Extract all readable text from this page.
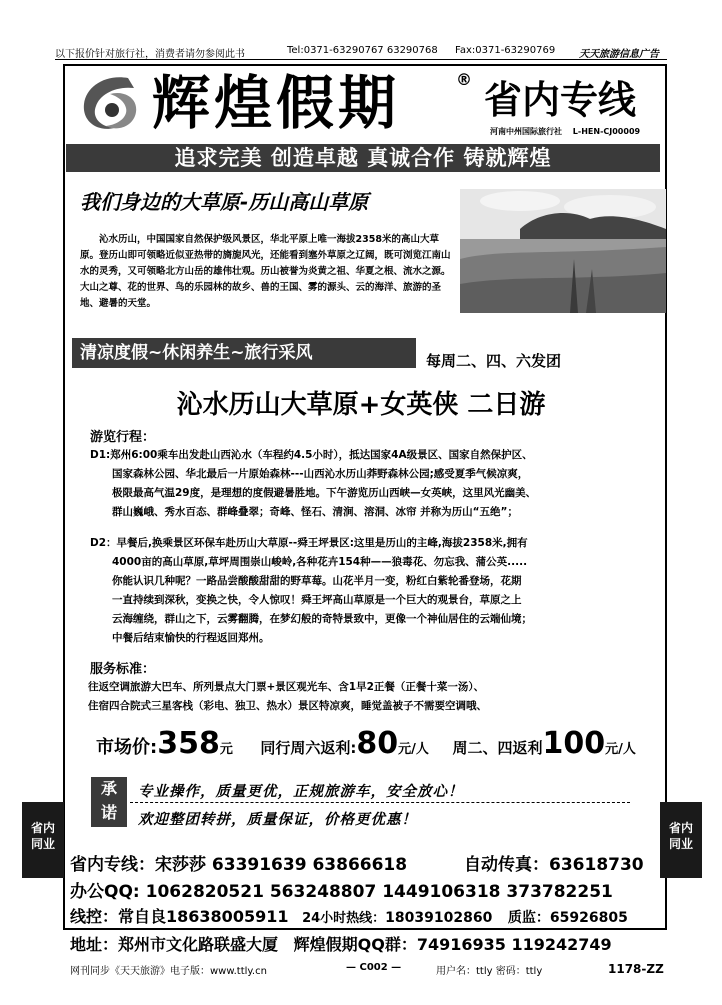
以下报价针对旅行社，消费者请勿参阅此书	Tel:0371-63290767 63290768 Fax:0371-63290769 天天旅游信息广告
辉煌假期	® 省内专线
河南中州国际旅行社 L-HEN-CJ00009
追求完美 创造卓越 真诚合作 铸就辉煌
我们身边的大草原-历山高山草原

沁水历山，中国国家自然保护级风景区，华北平原上唯一海拔2358米的高山大草原。登历山即可领略近似亚热带的旖旎风光，还能看到塞外草原之辽阔，既可浏览江南山水的灵秀，又可领略北方山岳的雄伟壮观。历山被誉为炎黄之祖、华夏之根、流水之源。大山之尊、花的世界、鸟的乐园林的故乡、兽的王国、雾的源头、云的海洋、旅游的圣地、避暑的天堂。

清凉度假~休闲养生~旅行采风	每周二、四、六发团
沁水历山大草原+女英侠 二日游
游览行程：

D1:郑州6:00乘车出发赴山西沁水（车程约4.5小时），抵达国家4A级景区、国家自然保护区、

国家森林公园、华北最后一片原始森林---山西沁水历山莽野森林公园;感受夏季气候凉爽，

极限最高气温29度，是理想的度假避暑胜地。下午游览历山西峡—女英峡，这里风光幽美、

群山巍峨、秀水百态、群峰叠翠；奇峰、怪石、清涧、溶洞、冰帘 并称为历山“五绝”；

D2：早餐后,换乘景区环保车赴历山大草原--舜王坪景区:这里是历山的主峰,海拔2358米,拥有

4000亩的高山草原,草坪周围崇山峻岭,各种花卉154种——狼毒花、勿忘我、蒲公英.....

你能认识几种呢？一路品尝酸酸甜甜的野草莓。山花半月一变，粉红白紫轮番登场，花期

一直持续到深秋，变换之快，令人惊叹！舜王坪高山草原是一个巨大的观景台，草原之上

云海缠绕，群山之下，云雾翻腾，在梦幻般的奇特景致中，更像一个神仙居住的云端仙境；

中餐后结束愉快的行程返回郑州。

服务标准：

往返空调旅游大巴车、所列景点大门票+景区观光车、含1早2正餐（正餐十菜一汤）、

住宿四合院式三星客栈（彩电、独卫、热水）景区特凉爽，睡觉盖被子不需要空调哦、

市场价:358元 同行周六返利:80元/人 周二、四返利100元/人
承
诺
专业操作，质量更优，正规旅游车，安全放心！
欢迎整团转拼，质量保证，价格更优惠！
省内
同业
省内
同业
省内专线：宋莎莎 63391639 63866618	自动传真：63618730
办公QQ: 1062820521 563248807 1449106318 373782251
线控：常自良18638005911 24小时热线：18039102860 质监：65926805
地址：郑州市文化路联盛大厦 辉煌假期QQ群：74916935 119242749
网刊同步《天天旅游》电子版：www.ttly.cn	— C002 —	用户名：ttly 密码：ttly	1178-ZZ
